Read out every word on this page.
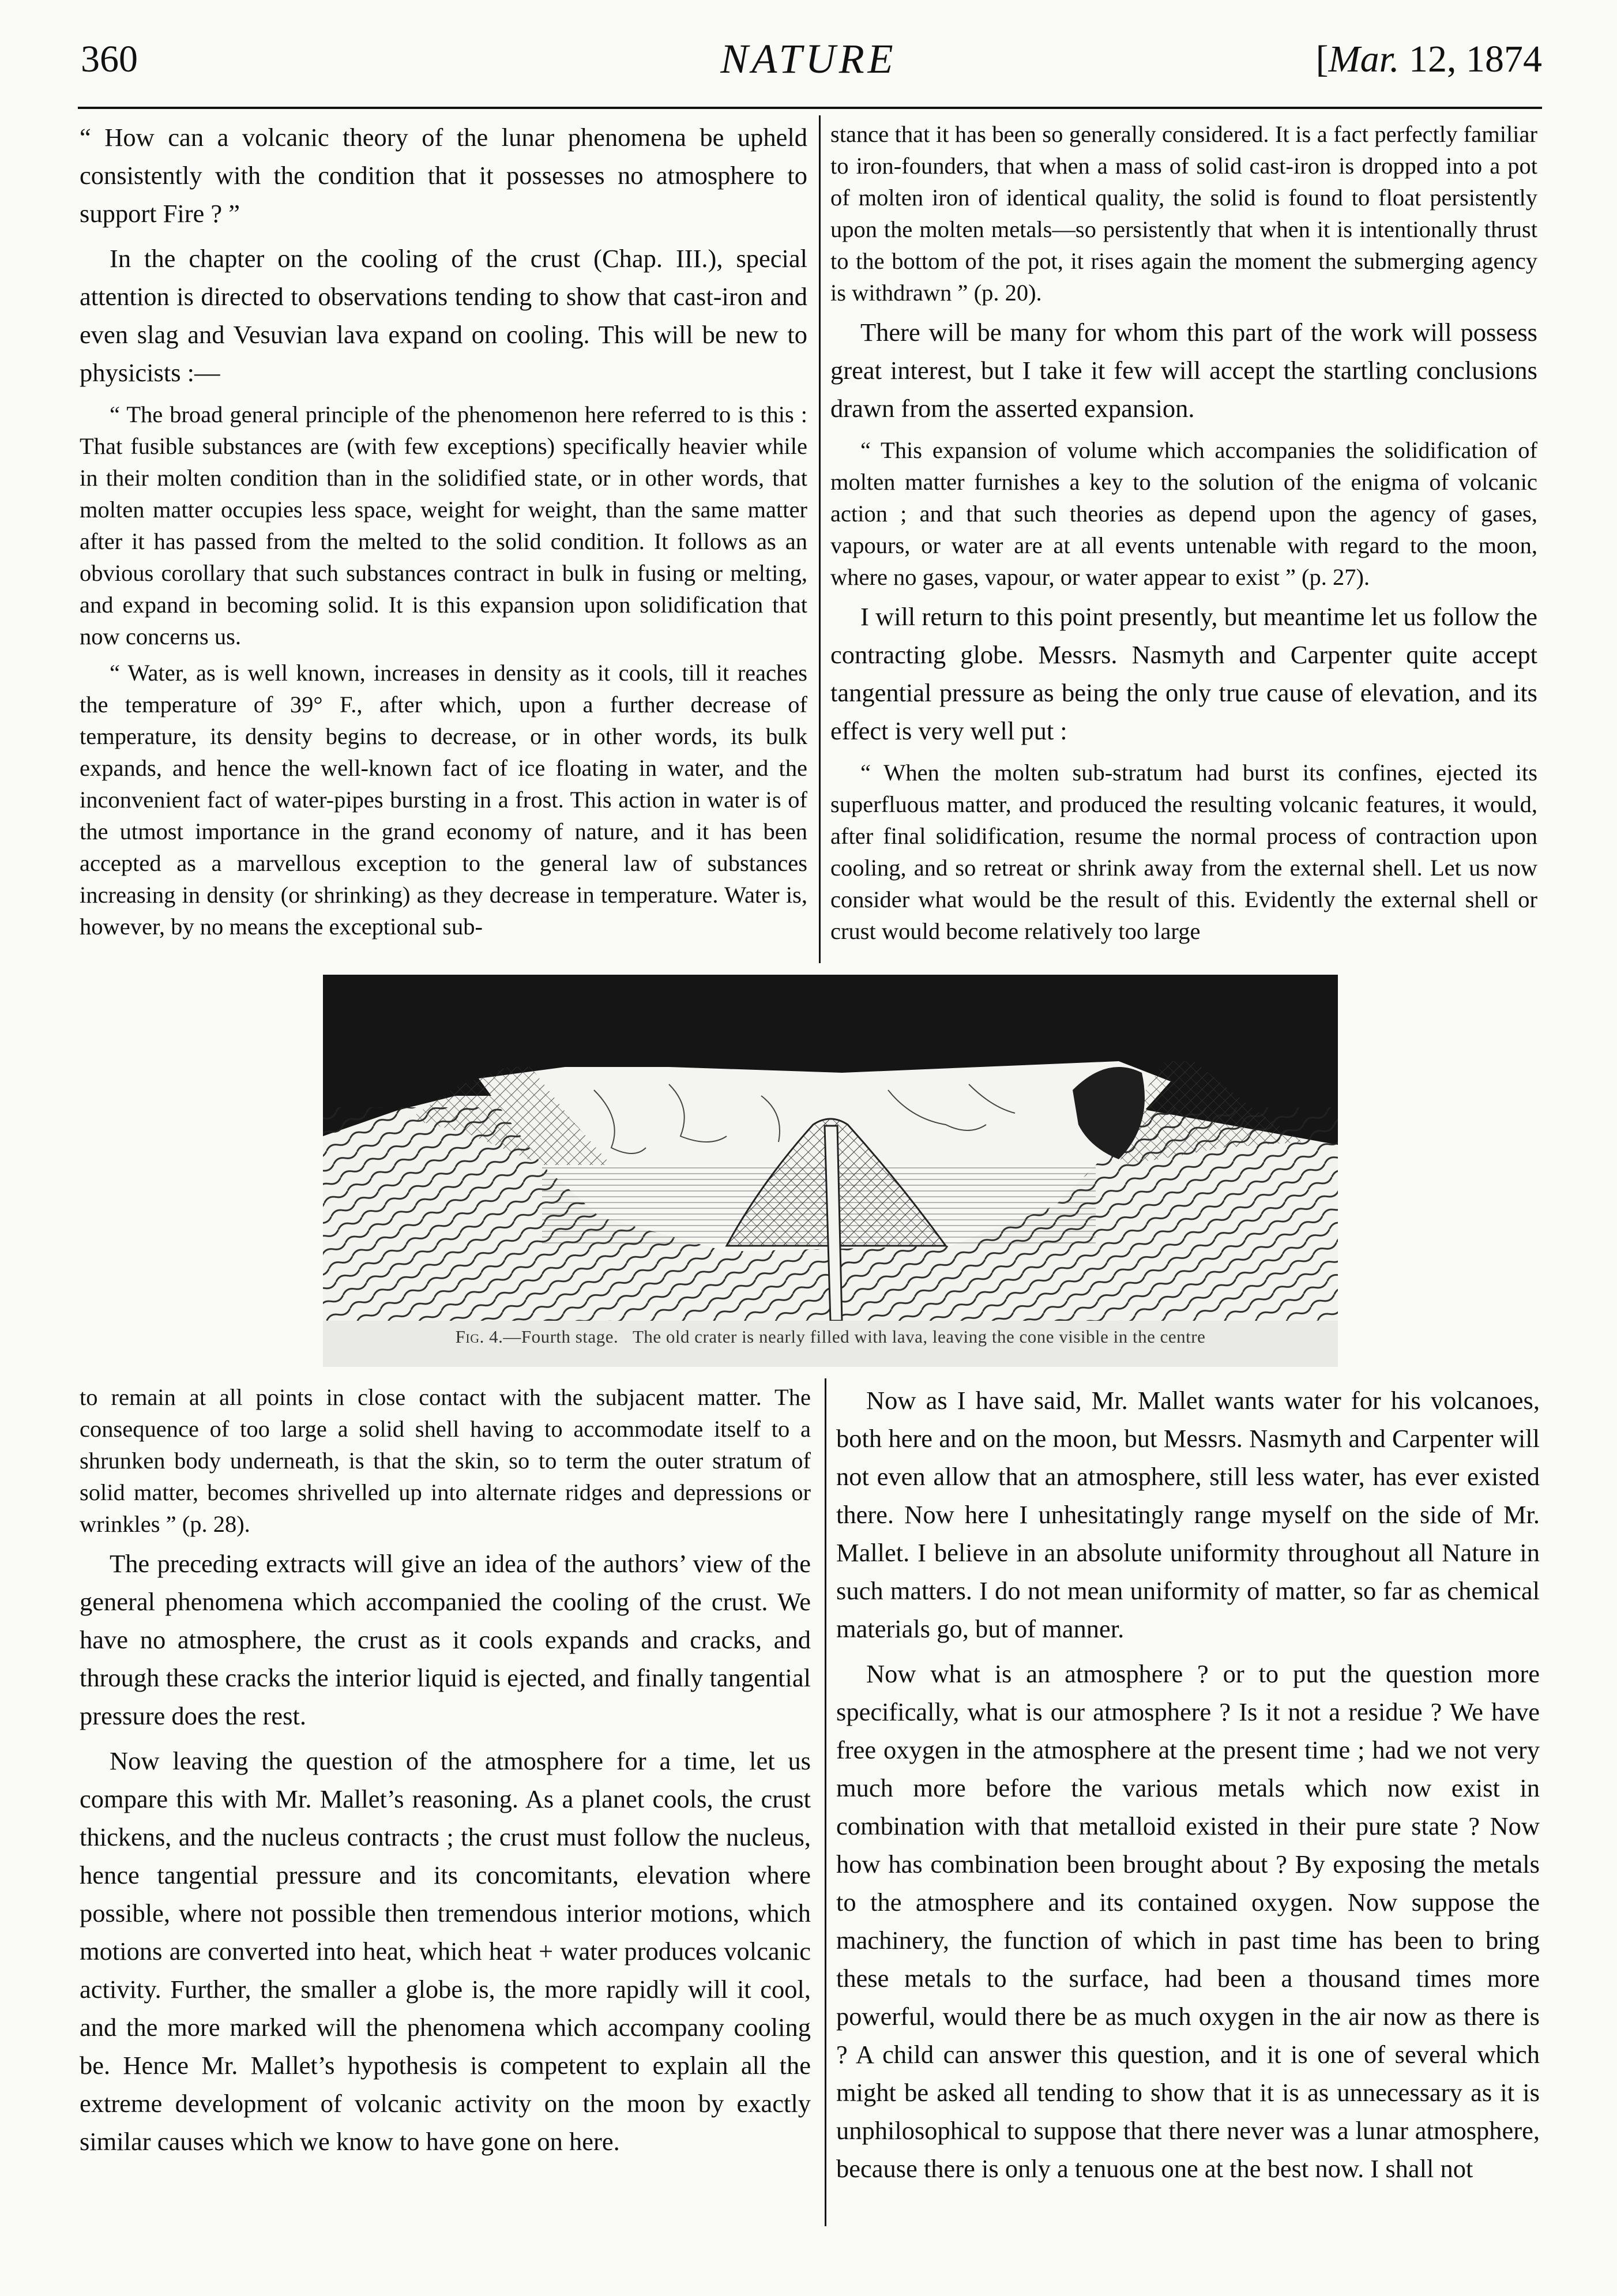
360	NATURE	[Mar. 12, 1874

“ How can a volcanic theory of the lunar phenomena be upheld consistently with the condition that it possesses no atmosphere to support Fire ? ”

In the chapter on the cooling of the crust (Chap. III.), special attention is directed to observations tending to show that cast-iron and even slag and Vesuvian lava expand on cooling. This will be new to physicists :—

“ The broad general principle of the phenomenon here referred to is this : That fusible substances are (with few exceptions) specifically heavier while in their molten condition than in the solidified state, or in other words, that molten matter occupies less space, weight for weight, than the same matter after it has passed from the melted to the solid condition. It follows as an obvious corollary that such substances contract in bulk in fusing or melting, and expand in becoming solid. It is this expansion upon solidification that now concerns us.

“ Water, as is well known, increases in density as it cools, till it reaches the temperature of 39° F., after which, upon a further decrease of temperature, its density begins to decrease, or in other words, its bulk expands, and hence the well-known fact of ice floating in water, and the inconvenient fact of water-pipes bursting in a frost. This action in water is of the utmost importance in the grand economy of nature, and it has been accepted as a marvellous exception to the general law of substances increasing in density (or shrinking) as they decrease in temperature. Water is, however, by no means the exceptional sub-

stance that it has been so generally considered. It is a fact perfectly familiar to iron-founders, that when a mass of solid cast-iron is dropped into a pot of molten iron of identical quality, the solid is found to float persistently upon the molten metals—so persistently that when it is intentionally thrust to the bottom of the pot, it rises again the moment the submerging agency is withdrawn ” (p. 20).

There will be many for whom this part of the work will possess great interest, but I take it few will accept the startling conclusions drawn from the asserted expansion.

“ This expansion of volume which accompanies the solidification of molten matter furnishes a key to the solution of the enigma of volcanic action ; and that such theories as depend upon the agency of gases, vapours, or water are at all events untenable with regard to the moon, where no gases, vapour, or water appear to exist ” (p. 27).

I will return to this point presently, but meantime let us follow the contracting globe. Messrs. Nasmyth and Carpenter quite accept tangential pressure as being the only true cause of elevation, and its effect is very well put :

“ When the molten sub-stratum had burst its confines, ejected its superfluous matter, and produced the resulting volcanic features, it would, after final solidification, resume the normal process of contraction upon cooling, and so retreat or shrink away from the external shell. Let us now consider what would be the result of this. Evidently the external shell or crust would become relatively too large

Fig. 4.—Fourth stage. The old crater is nearly filled with lava, leaving the cone visible in the centre

to remain at all points in close contact with the subjacent matter. The consequence of too large a solid shell having to accommodate itself to a shrunken body underneath, is that the skin, so to term the outer stratum of solid matter, becomes shrivelled up into alternate ridges and depressions or wrinkles ” (p. 28).

The preceding extracts will give an idea of the authors’ view of the general phenomena which accompanied the cooling of the crust. We have no atmosphere, the crust as it cools expands and cracks, and through these cracks the interior liquid is ejected, and finally tangential pressure does the rest.

Now leaving the question of the atmosphere for a time, let us compare this with Mr. Mallet’s reasoning. As a planet cools, the crust thickens, and the nucleus contracts ; the crust must follow the nucleus, hence tangential pressure and its concomitants, elevation where possible, where not possible then tremendous interior motions, which motions are converted into heat, which heat + water produces volcanic activity. Further, the smaller a globe is, the more rapidly will it cool, and the more marked will the phenomena which accompany cooling be. Hence Mr. Mallet’s hypothesis is competent to explain all the extreme development of volcanic activity on the moon by exactly similar causes which we know to have gone on here.

Now as I have said, Mr. Mallet wants water for his volcanoes, both here and on the moon, but Messrs. Nasmyth and Carpenter will not even allow that an atmosphere, still less water, has ever existed there. Now here I unhesitatingly range myself on the side of Mr. Mallet. I believe in an absolute uniformity throughout all Nature in such matters. I do not mean uniformity of matter, so far as chemical materials go, but of manner.

Now what is an atmosphere ? or to put the question more specifically, what is our atmosphere ? Is it not a residue ? We have free oxygen in the atmosphere at the present time ; had we not very much more before the various metals which now exist in combination with that metalloid existed in their pure state ? Now how has combination been brought about ? By exposing the metals to the atmosphere and its contained oxygen. Now suppose the machinery, the function of which in past time has been to bring these metals to the surface, had been a thousand times more powerful, would there be as much oxygen in the air now as there is ? A child can answer this question, and it is one of several which might be asked all tending to show that it is as unnecessary as it is unphilosophical to suppose that there never was a lunar atmosphere, because there is only a tenuous one at the best now. I shall not
